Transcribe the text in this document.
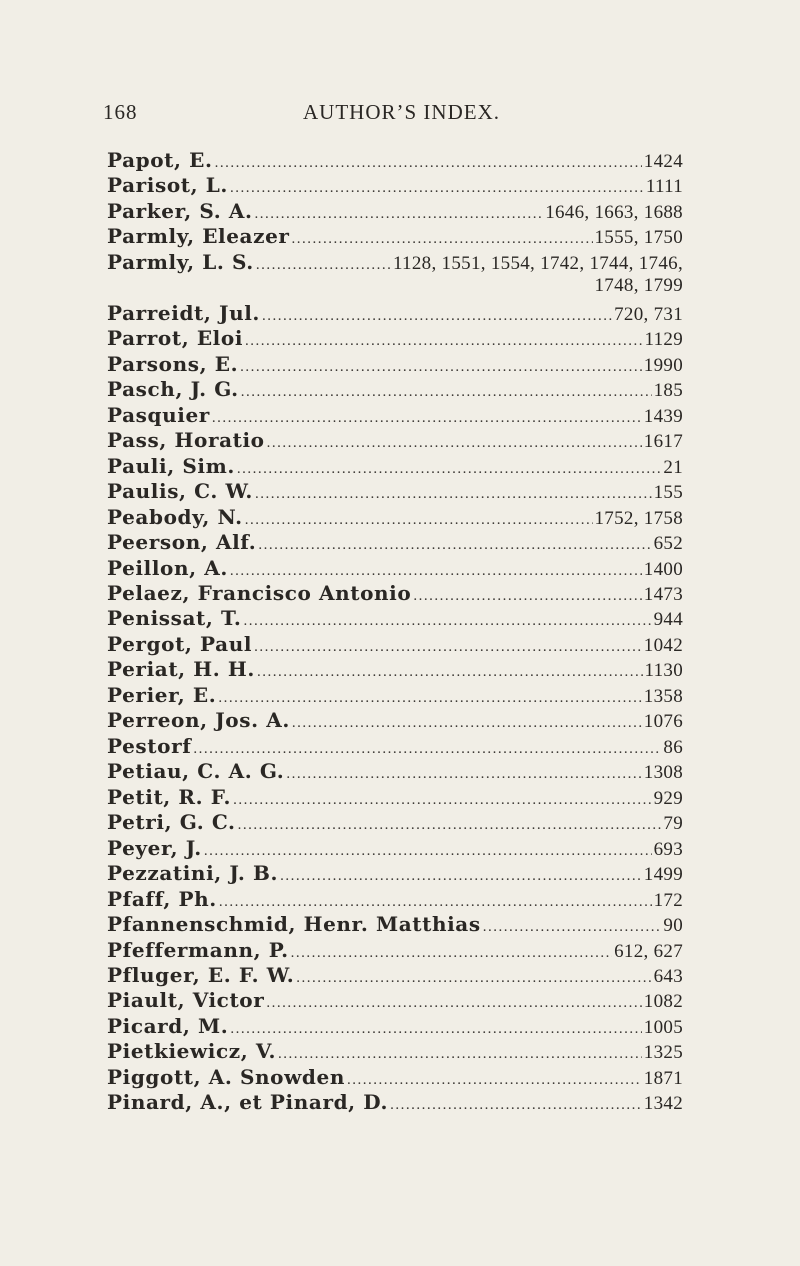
168	AUTHOR’S INDEX.
Papot, E. .....	1424
Parisot, L. .....	1111
Parker, S. A. .....	1646, 1663, 1688
Parmly, Eleazer .....	1555, 1750
Parmly, L. S. .....	1128, 1551, 1554, 1742, 1744, 1746,
1748, 1799
Parreidt, Jul. .....	720, 731
Parrot, Eloi .....	1129
Parsons, E. .....	1990
Pasch, J. G. .....	185
Pasquier .....	1439
Pass, Horatio .....	1617
Pauli, Sim. .....	21
Paulis, C. W. .....	155
Peabody, N. .....	1752, 1758
Peerson, Alf. .....	652
Peillon, A. .....	1400
Pelaez, Francisco Antonio .....	1473
Penissat, T. .....	944
Pergot, Paul .....	1042
Periat, H. H. .....	1130
Perier, E. .....	1358
Perreon, Jos. A. .....	1076
Pestorf .....	86
Petiau, C. A. G. .....	1308
Petit, R. F. .....	929
Petri, G. C. .....	79
Peyer, J. .....	693
Pezzatini, J. B. .....	1499
Pfaff, Ph. .....	172
Pfannenschmid, Henr. Matthias .....	90
Pfeffermann, P. .....	612, 627
Pfluger, E. F. W. .....	643
Piault, Victor .....	1082
Picard, M. .....	1005
Pietkiewicz, V. .....	1325
Piggott, A. Snowden .....	1871
Pinard, A., et Pinard, D. .....	1342
